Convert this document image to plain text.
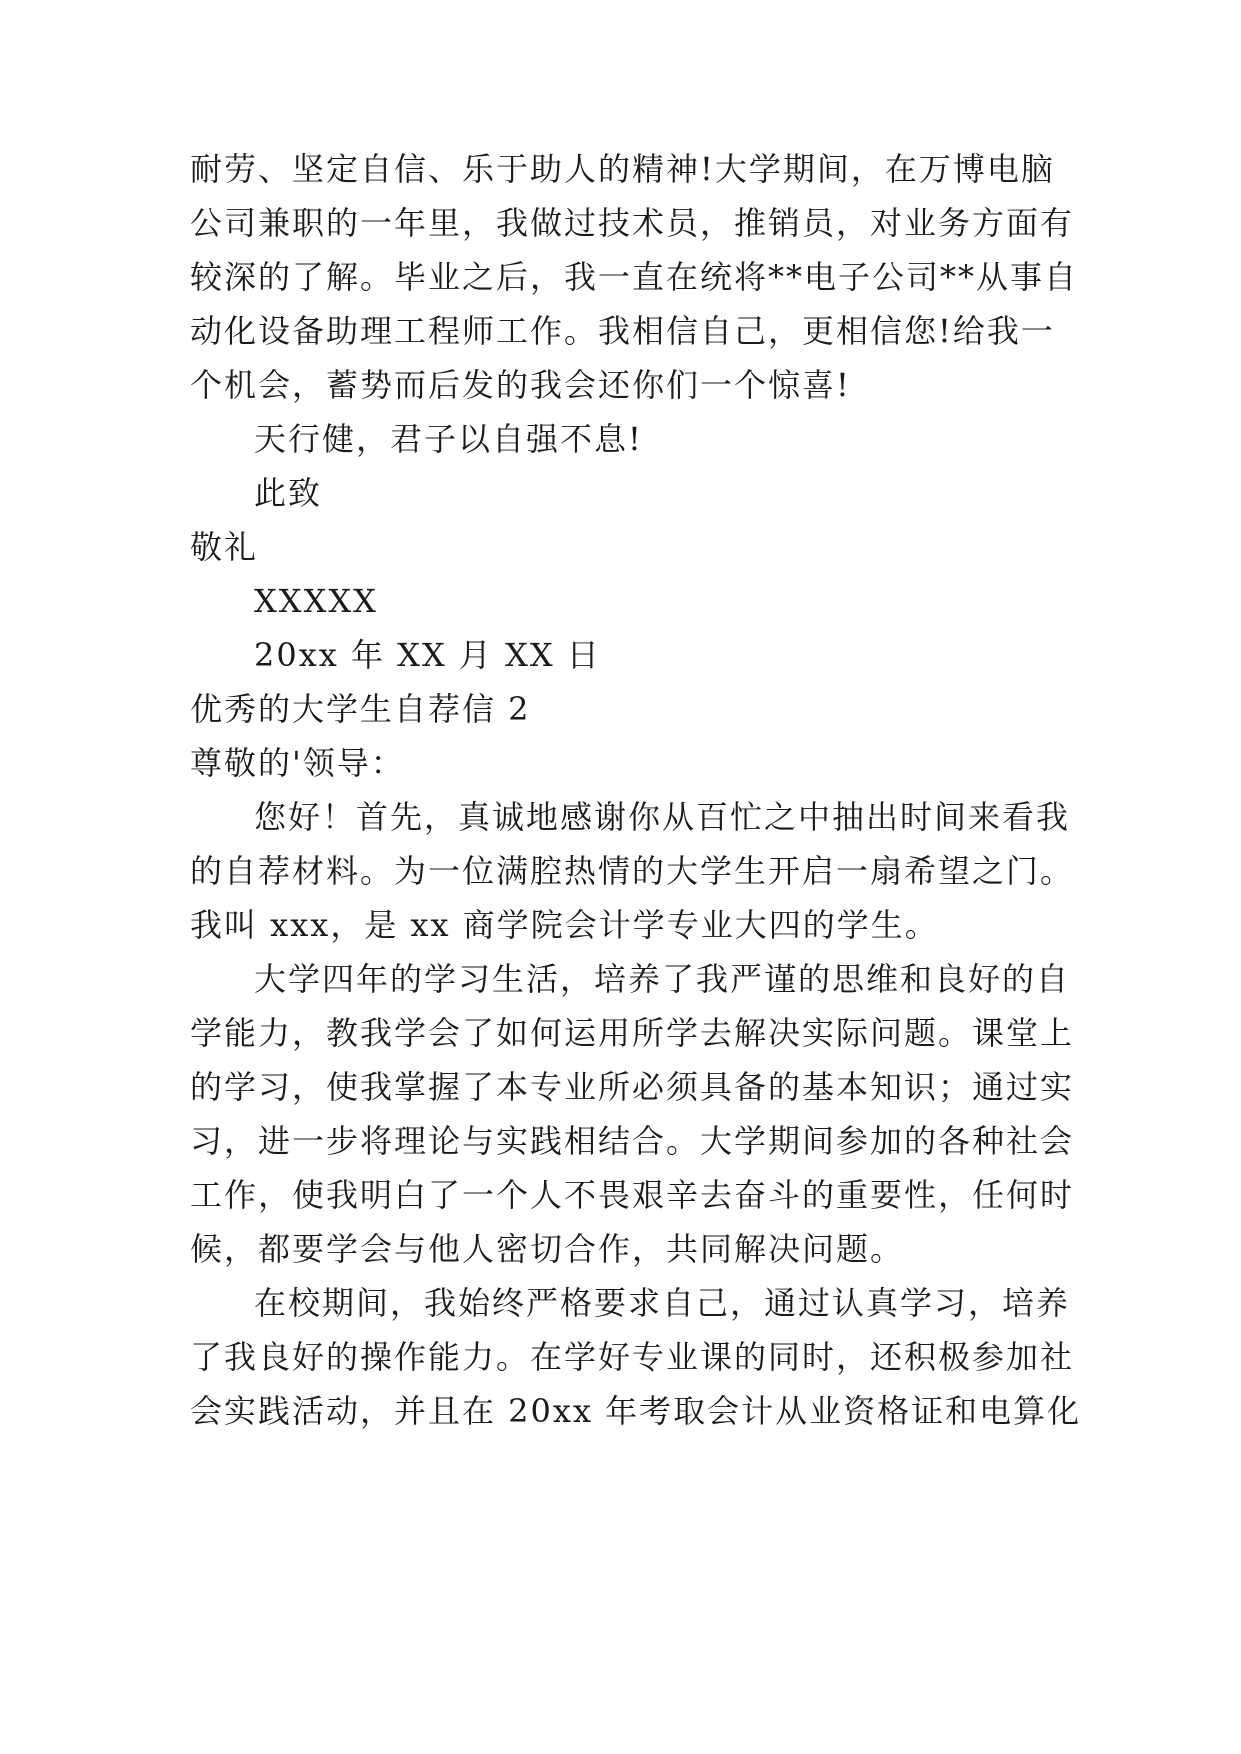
耐劳、坚定自信、乐于助人的精神!大学期间，在万博电脑
公司兼职的一年里，我做过技术员，推销员，对业务方面有
较深的了解。毕业之后，我一直在统将**电子公司**从事自
动化设备助理工程师工作。我相信自己，更相信您!给我一
个机会，蓄势而后发的我会还你们一个惊喜!
天行健，君子以自强不息!
此致
敬礼
XXXXX
20xx 年 XX 月 XX 日
优秀的大学生自荐信 2
尊敬的'领导：
您好！首先，真诚地感谢你从百忙之中抽出时间来看我
的自荐材料。为一位满腔热情的大学生开启一扇希望之门。
我叫 xxx，是 xx 商学院会计学专业大四的学生。
大学四年的学习生活，培养了我严谨的思维和良好的自
学能力，教我学会了如何运用所学去解决实际问题。课堂上
的学习，使我掌握了本专业所必须具备的基本知识；通过实
习，进一步将理论与实践相结合。大学期间参加的各种社会
工作，使我明白了一个人不畏艰辛去奋斗的重要性，任何时
候，都要学会与他人密切合作，共同解决问题。
在校期间，我始终严格要求自己，通过认真学习，培养
了我良好的操作能力。在学好专业课的同时，还积极参加社
会实践活动，并且在 20xx 年考取会计从业资格证和电算化
